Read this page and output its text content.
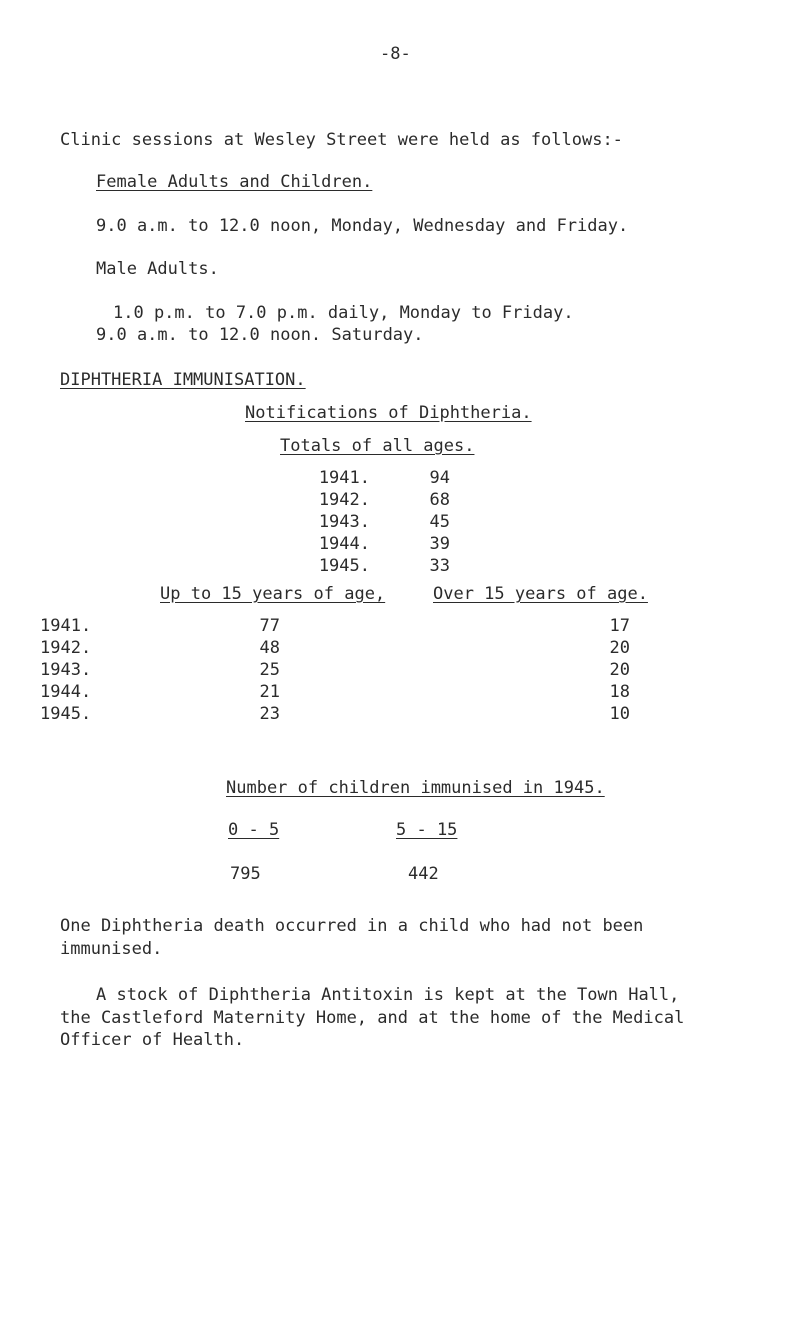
-8-
Clinic sessions at Wesley Street were held as follows:-
Female Adults and Children.
9.0 a.m. to 12.0 noon, Monday, Wednesday and Friday.
Male Adults.
1.0 p.m. to 7.0 p.m. daily, Monday to Friday.
9.0 a.m. to 12.0 noon. Saturday.
DIPHTHERIA IMMUNISATION.
Notifications of Diphtheria.
Totals of all ages.
1941.	94
1942.	68
1943.	45
1944.	39
1945.	33
Up to 15 years of age,	Over 15 years of age.
1941.	77	17
1942.	48	20
1943.	25	20
1944.	21	18
1945.	23	10
Number of children immunised in 1945.
0 - 5	5 - 15
795	442
One Diphtheria death occurred in a child who had not been
immunised.
A stock of Diphtheria Antitoxin is kept at the Town Hall,
the Castleford Maternity Home, and at the home of the Medical
Officer of Health.
